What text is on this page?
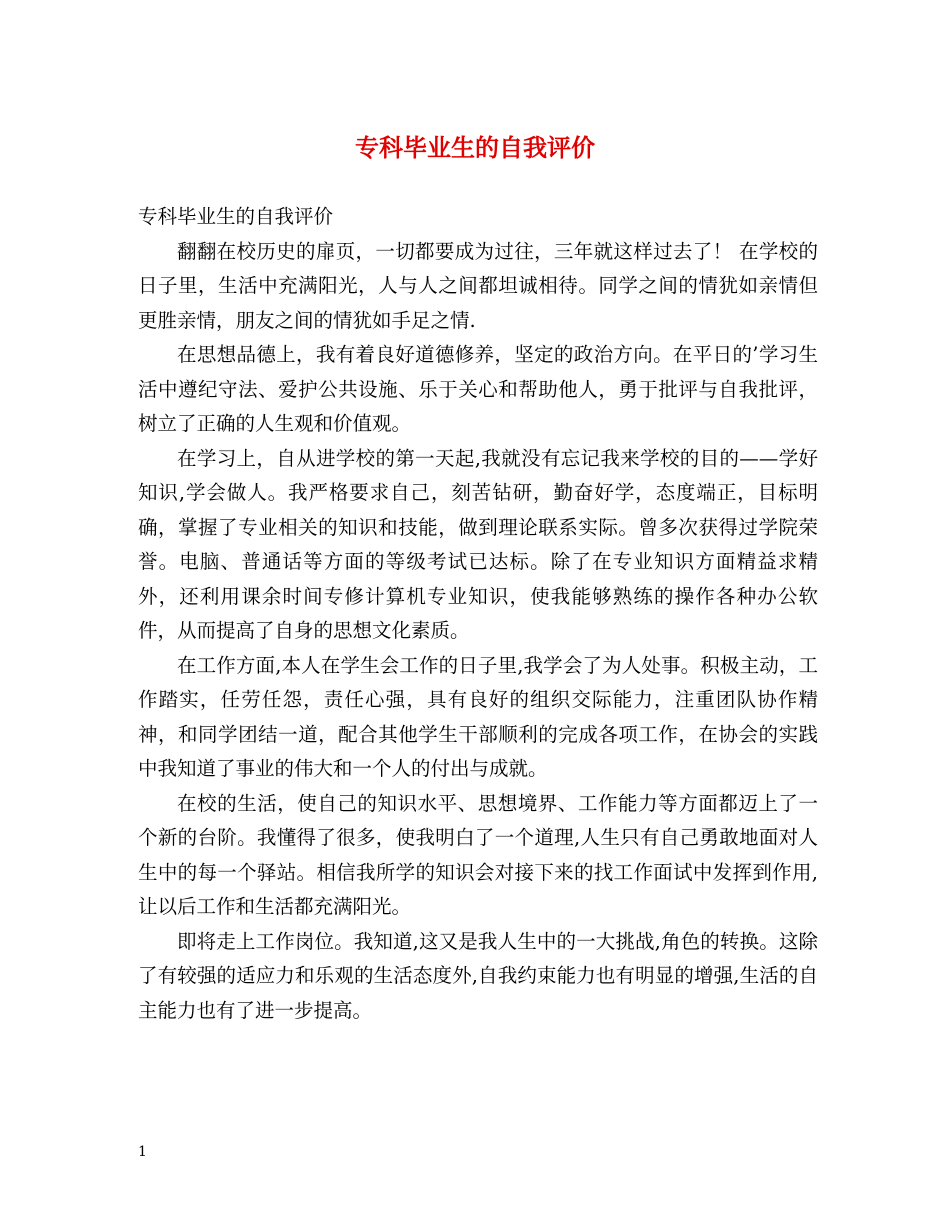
专科毕业生的自我评价

专科毕业生的自我评价

翻翻在校历史的扉页，一切都要成为过往，三年就这样过去了！ 在学校的日子里，生活中充满阳光，人与人之间都坦诚相待。同学之间的情犹如亲情但更胜亲情，朋友之间的情犹如手足之情.

在思想品德上，我有着良好道德修养，坚定的政治方向。在平日的’学习生活中遵纪守法、爱护公共设施、乐于关心和帮助他人，勇于批评与自我批评，树立了正确的人生观和价值观。

在学习上，自从进学校的第一天起,我就没有忘记我来学校的目的——学好知识,学会做人。我严格要求自己，刻苦钻研，勤奋好学，态度端正，目标明确，掌握了专业相关的知识和技能，做到理论联系实际。曾多次获得过学院荣誉。电脑、普通话等方面的等级考试已达标。除了在专业知识方面精益求精外，还利用课余时间专修计算机专业知识，使我能够熟练的操作各种办公软件，从而提高了自身的思想文化素质。

在工作方面,本人在学生会工作的日子里,我学会了为人处事。积极主动，工作踏实，任劳任怨，责任心强，具有良好的组织交际能力，注重团队协作精神，和同学团结一道，配合其他学生干部顺利的完成各项工作，在协会的实践中我知道了事业的伟大和一个人的付出与成就。

在校的生活，使自己的知识水平、思想境界、工作能力等方面都迈上了一个新的台阶。我懂得了很多，使我明白了一个道理,人生只有自己勇敢地面对人生中的每一个驿站。相信我所学的知识会对接下来的找工作面试中发挥到作用,让以后工作和生活都充满阳光。

即将走上工作岗位。我知道,这又是我人生中的一大挑战,角色的转换。这除了有较强的适应力和乐观的生活态度外,自我约束能力也有明显的增强,生活的自主能力也有了进一步提高。

1
